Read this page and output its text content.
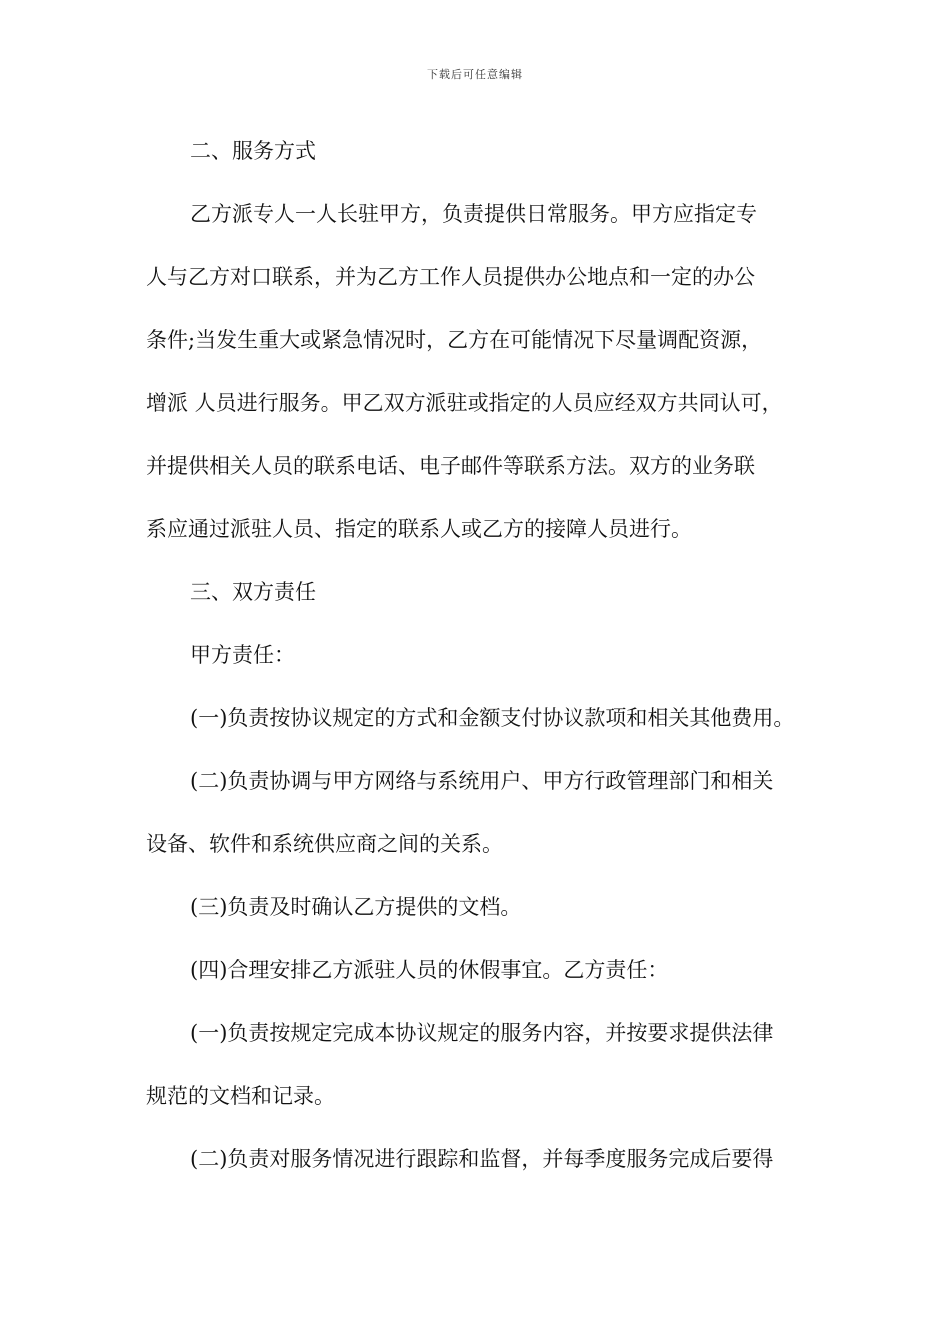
下载后可任意编辑
二、服务方式
乙方派专人一人长驻甲方，负责提供日常服务。甲方应指定专
人与乙方对口联系，并为乙方工作人员提供办公地点和一定的办公
条件;当发生重大或紧急情况时，乙方在可能情况下尽量调配资源，
增派 人员进行服务。甲乙双方派驻或指定的人员应经双方共同认可，
并提供相关人员的联系电话、电子邮件等联系方法。双方的业务联
系应通过派驻人员、指定的联系人或乙方的接障人员进行。
三、双方责任
甲方责任：
(一)负责按协议规定的方式和金额支付协议款项和相关其他费用。
(二)负责协调与甲方网络与系统用户、甲方行政管理部门和相关
设备、软件和系统供应商之间的关系。
(三)负责及时确认乙方提供的文档。
(四)合理安排乙方派驻人员的休假事宜。乙方责任：
(一)负责按规定完成本协议规定的服务内容，并按要求提供法律
规范的文档和记录。
(二)负责对服务情况进行跟踪和监督，并每季度服务完成后要得
